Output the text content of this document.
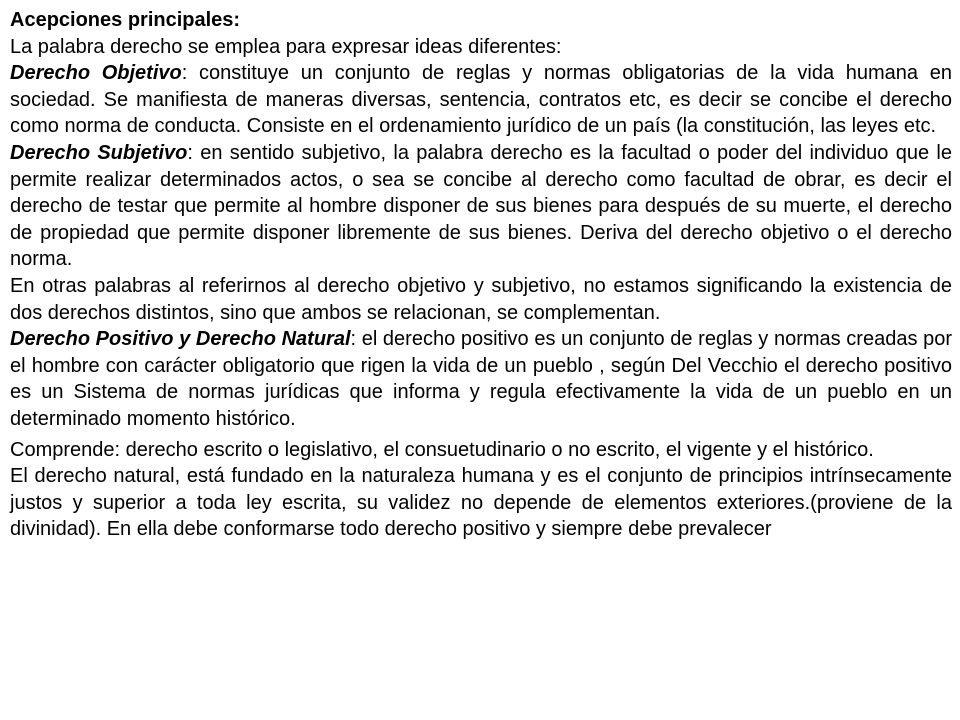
Acepciones principales:

La palabra derecho se emplea para expresar ideas diferentes:

Derecho Objetivo: constituye un conjunto de reglas y normas obligatorias de la vida humana en sociedad. Se manifiesta de maneras diversas, sentencia, contratos etc, es decir se concibe el derecho como norma de conducta. Consiste en el ordenamiento jurídico de un país (la constitución, las leyes etc.

Derecho Subjetivo: en sentido subjetivo, la palabra derecho es la facultad o poder del individuo que le permite realizar determinados actos, o sea se concibe al derecho como facultad de obrar, es decir el derecho de testar que permite al hombre disponer de sus bienes para después de su muerte, el derecho de propiedad que permite disponer libremente de sus bienes. Deriva del derecho objetivo o el derecho norma.

En otras palabras al referirnos al derecho objetivo y subjetivo, no estamos significando la existencia de dos derechos distintos, sino que ambos se relacionan, se complementan.

Derecho Positivo y Derecho Natural: el derecho positivo es un conjunto de reglas y normas creadas por el hombre con carácter obligatorio que rigen la vida de un pueblo , según Del Vecchio el derecho positivo es un Sistema de normas jurídicas que informa y regula efectivamente la vida de un pueblo en un determinado momento histórico.

Comprende: derecho escrito o legislativo, el consuetudinario o no escrito, el vigente y el histórico.

El derecho natural, está fundado en la naturaleza humana y es el conjunto de principios intrínsecamente justos y superior a toda ley escrita, su validez no depende de elementos exteriores.(proviene de la divinidad). En ella debe conformarse todo derecho positivo y siempre debe prevalecer
